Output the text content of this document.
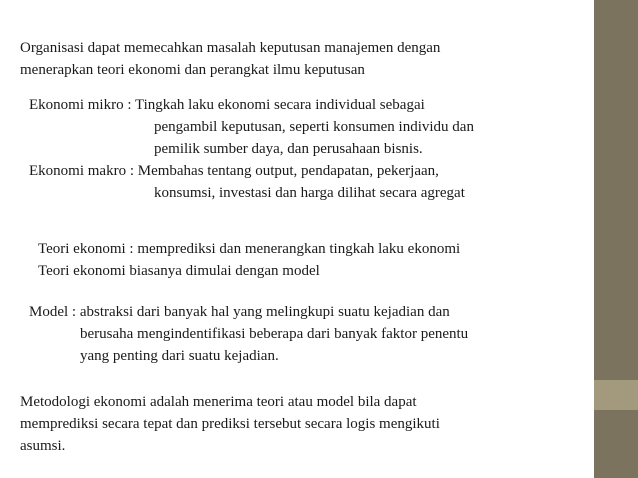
Organisasi dapat memecahkan masalah keputusan manajemen dengan
menerapkan teori ekonomi dan perangkat ilmu keputusan
Ekonomi mikro : Tingkah laku ekonomi secara individual sebagai
pengambil keputusan, seperti konsumen individu dan
pemilik sumber daya, dan perusahaan bisnis.
Ekonomi makro : Membahas tentang output, pendapatan, pekerjaan,
konsumsi, investasi dan harga dilihat secara agregat
Teori ekonomi : memprediksi dan menerangkan tingkah laku ekonomi
Teori ekonomi biasanya dimulai dengan model
Model : abstraksi dari banyak hal yang melingkupi suatu kejadian dan
berusaha mengindentifikasi beberapa dari banyak faktor penentu
yang penting dari suatu kejadian.
Metodologi ekonomi adalah menerima teori atau model bila dapat
memprediksi secara tepat dan prediksi tersebut secara logis mengikuti
asumsi.
